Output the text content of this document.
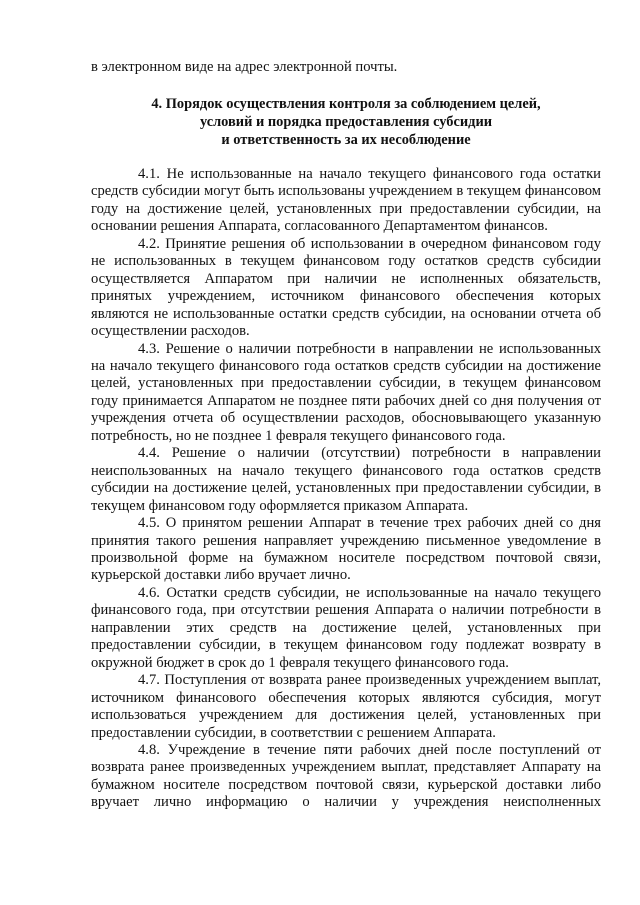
в электронном виде на адрес электронной почты.

4. Порядок осуществления контроля за соблюдением целей,
условий и порядка предоставления субсидии
и ответственность за их несоблюдение

4.1. Не использованные на начало текущего финансового года остатки средств субсидии могут быть использованы учреждением в текущем финансовом году на достижение целей, установленных при предоставлении субсидии, на основании решения Аппарата, согласованного Департаментом финансов.

4.2. Принятие решения об использовании в очередном финансовом году не использованных в текущем финансовом году остатков средств субсидии осуществляется Аппаратом при наличии не исполненных обязательств, принятых учреждением, источником финансового обеспечения которых являются не использованные остатки средств субсидии, на основании отчета об осуществлении расходов.

4.3. Решение о наличии потребности в направлении не использованных на начало текущего финансового года остатков средств субсидии на достижение целей, установленных при предоставлении субсидии, в текущем финансовом году принимается Аппаратом не позднее пяти рабочих дней со дня получения от учреждения отчета об осуществлении расходов, обосновывающего указанную потребность, но не позднее 1 февраля текущего финансового года.

4.4. Решение о наличии (отсутствии) потребности в направлении неиспользованных на начало текущего финансового года остатков средств субсидии на достижение целей, установленных при предоставлении субсидии, в текущем финансовом году оформляется приказом Аппарата.

4.5. О принятом решении Аппарат в течение трех рабочих дней со дня принятия такого решения направляет учреждению письменное уведомление в произвольной форме на бумажном носителе посредством почтовой связи, курьерской доставки либо вручает лично.

4.6. Остатки средств субсидии, не использованные на начало текущего финансового года, при отсутствии решения Аппарата о наличии потребности в направлении этих средств на достижение целей, установленных при предоставлении субсидии, в текущем финансовом году подлежат возврату в окружной бюджет в срок до 1 февраля текущего финансового года.

4.7. Поступления от возврата ранее произведенных учреждением выплат, источником финансового обеспечения которых являются субсидия, могут использоваться учреждением для достижения целей, установленных при предоставлении субсидии, в соответствии с решением Аппарата.

4.8. Учреждение в течение пяти рабочих дней после поступлений от возврата ранее произведенных учреждением выплат, представляет Аппарату на бумажном носителе посредством почтовой связи, курьерской доставки либо вручает лично информацию о наличии у учреждения неисполненных
